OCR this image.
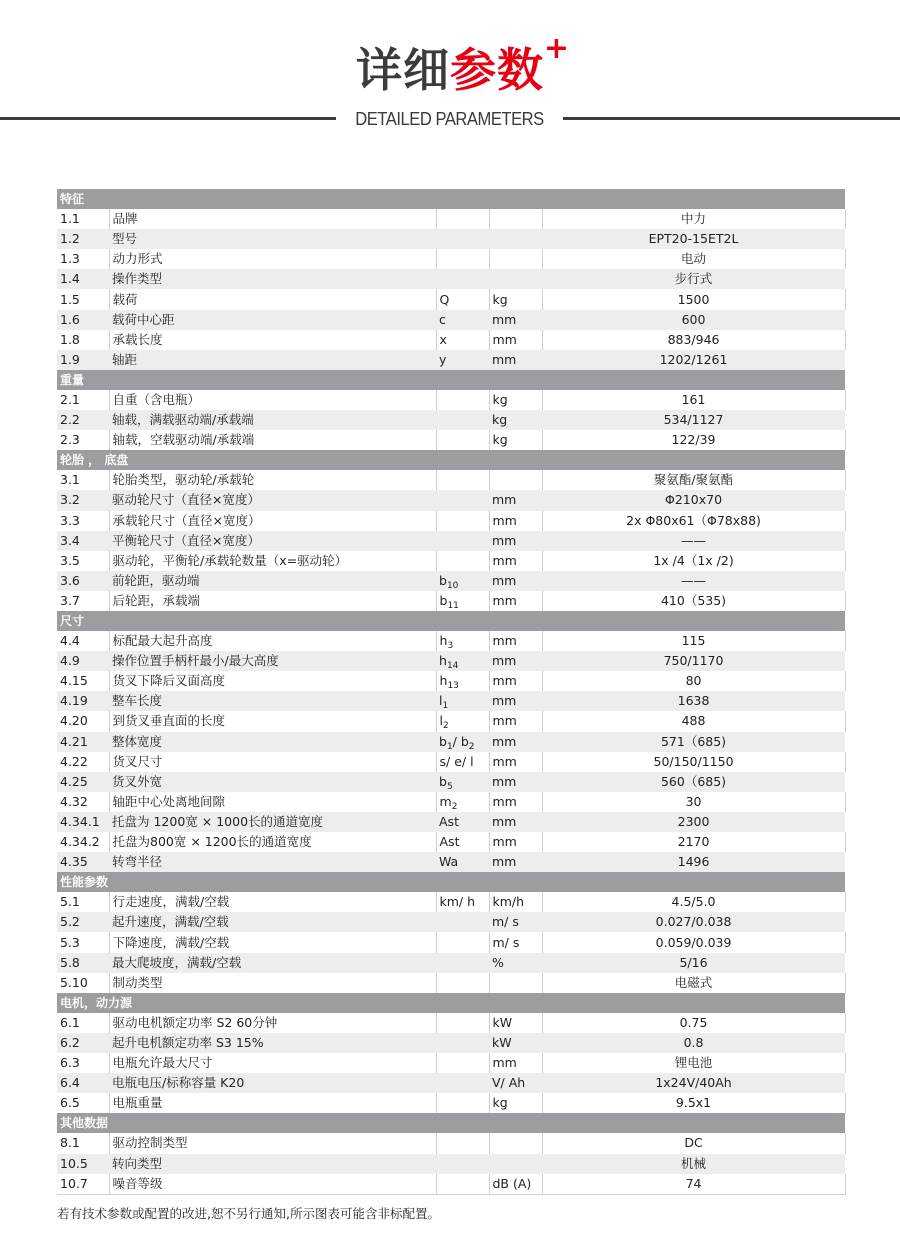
详细参数 +
DETAILED PARAMETERS
特征				
1.1	品牌			中力
1.2	型号			EPT20-15ET2L
1.3	动力形式			电动
1.4	操作类型			步行式
1.5	载荷	Q	kg	1500
1.6	载荷中心距	c	mm	600
1.8	承载长度	x	mm	883/946
1.9	轴距	y	mm	1202/1261
重量				
2.1	自重（含电瓶）		kg	161
2.2	轴载，满载驱动端/承载端		kg	534/1127
2.3	轴载，空载驱动端/承载端		kg	122/39
轮胎 ， 底盘				
3.1	轮胎类型，驱动轮/承载轮			聚氨酯/聚氨酯
3.2	驱动轮尺寸（直径×宽度）		mm	Φ210x70
3.3	承载轮尺寸（直径×宽度）		mm	2x Φ80x61（Φ78x88)
3.4	平衡轮尺寸（直径×宽度）		mm	——
3.5	驱动轮，平衡轮/承载轮数量（x=驱动轮）		mm	1x /4（1x /2)
3.6	前轮距，驱动端	$b_{10}$	mm	——
3.7	后轮距，承载端	$b_{11}$	mm	410（535)
尺寸				
4.4	标配最大起升高度	$h_3$	mm	115
4.9	操作位置手柄杆最小/最大高度	$h_{14}$	mm	750/1170
4.15	货叉下降后叉面高度	$h_{13}$	mm	80
4.19	整车长度	$l_1$	mm	1638
4.20	到货叉垂直面的长度	$l_2$	mm	488
4.21	整体宽度	$b_1/$ $b_2$	mm	571（685)
4.22	货叉尺寸	s/ e/ l	mm	50/150/1150
4.25	货叉外宽	$b_5$	mm	560（685)
4.32	轴距中心处离地间隙	$m_2$	mm	30
4.34.1	托盘为 1200宽 × 1000长的通道宽度	Ast	mm	2300
4.34.2	托盘为800宽 × 1200长的通道宽度	Ast	mm	2170
4.35	转弯半径	Wa	mm	1496
性能参数				
5.1	行走速度，满载/空载	km/ h	km/h	4.5/5.0
5.2	起升速度，满载/空载		m/ s	0.027/0.038
5.3	下降速度，满载/空载		m/ s	0.059/0.039
5.8	最大爬坡度，满载/空载		%	5/16
5.10	制动类型			电磁式
电机，动力源				
6.1	驱动电机额定功率 S2 60分钟		kW	0.75
6.2	起升电机额定功率 S3 15%		kW	0.8
6.3	电瓶允许最大尺寸		mm	锂电池
6.4	电瓶电压/标称容量 K20		V/ Ah	1x24V/40Ah
6.5	电瓶重量		kg	9.5x1
其他数据				
8.1	驱动控制类型			DC
10.5	转向类型			机械
10.7	噪音等级		dB (A)	74
若有技术参数或配置的改进,恕不另行通知,所示图表可能含非标配置。
